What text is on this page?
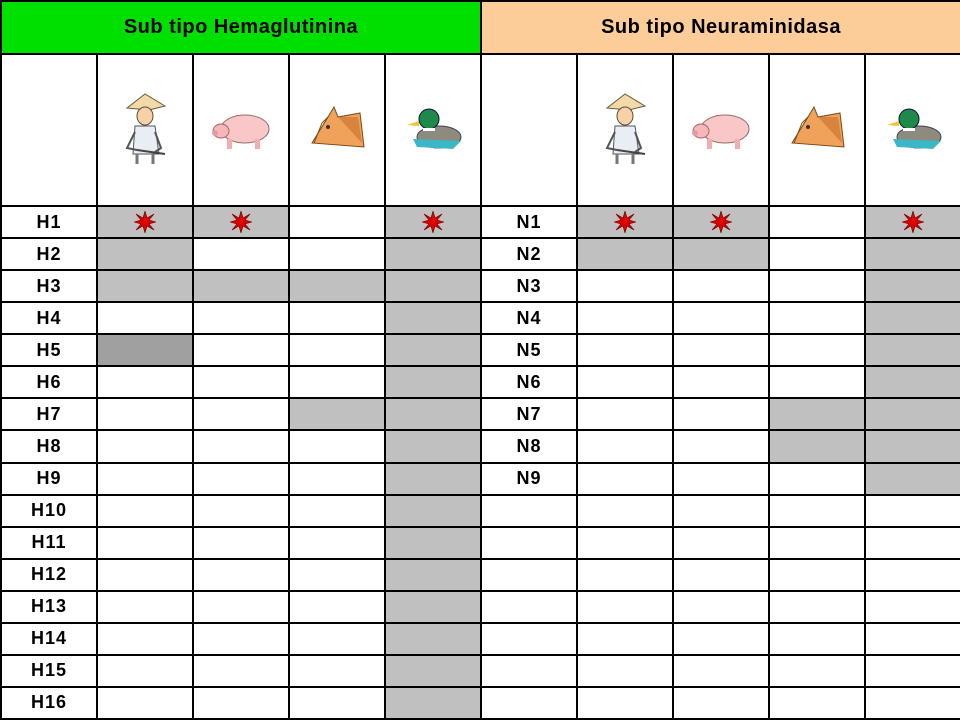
Sub tipo Hemaglutinina					Sub tipo Neuraminidasa				

H1					N1				
H2					N2				
H3					N3				
H4					N4				
H5					N5				
H6					N6				
H7					N7				
H8					N8				
H9					N9				
H10									
H11									
H12									
H13									
H14									
H15									
H16									
